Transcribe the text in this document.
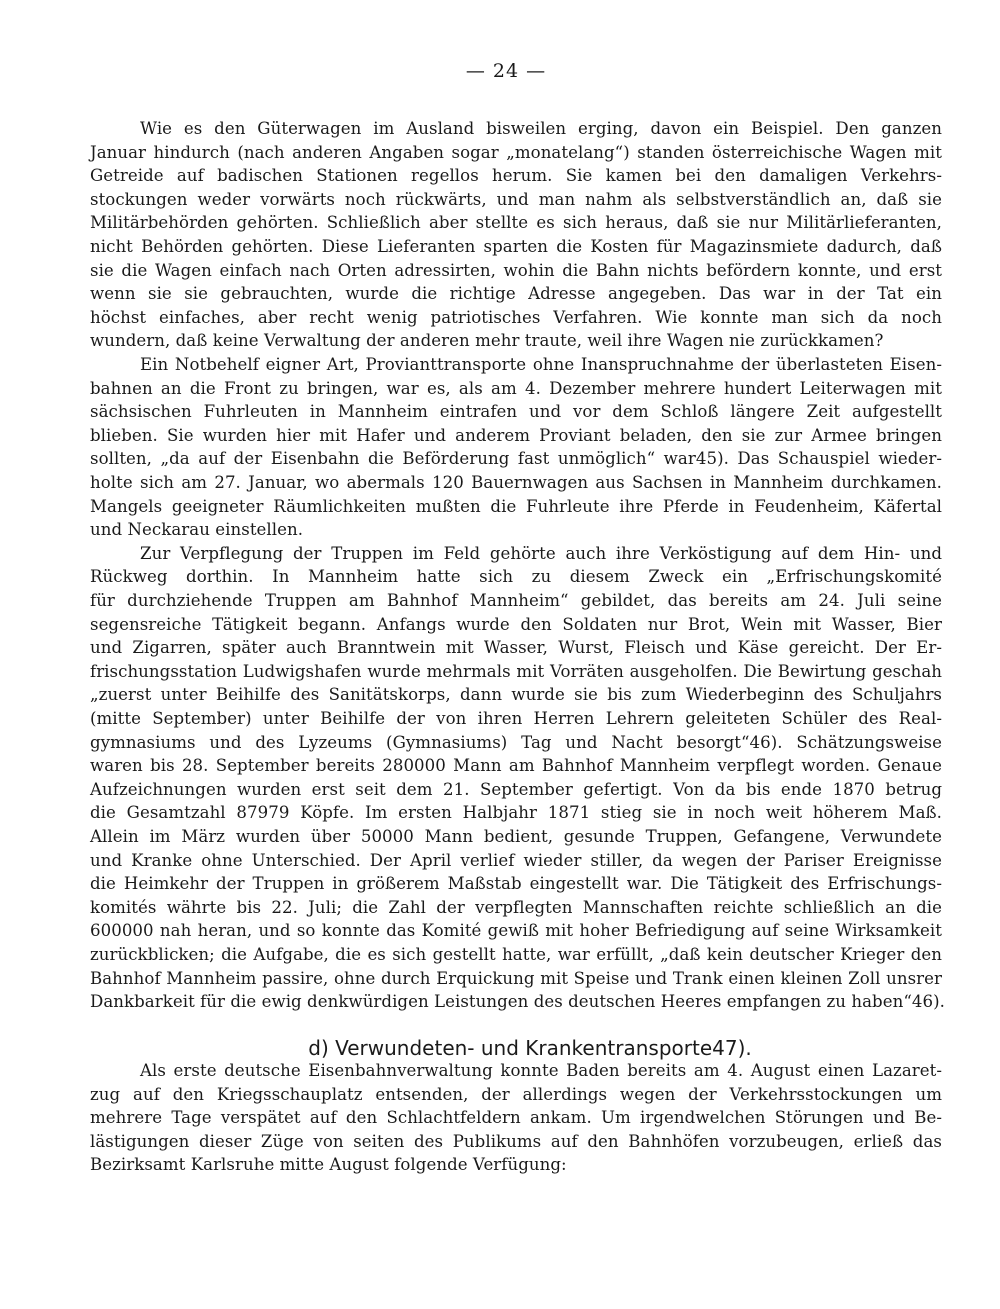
— 24 —
Wie es den Güterwagen im Ausland bisweilen erging, davon ein Beispiel. Den ganzen
Januar hindurch (nach anderen Angaben sogar „monatelang“) standen österreichische Wagen mit
Getreide auf badischen Stationen regellos herum. Sie kamen bei den damaligen Verkehrs-
stockungen weder vorwärts noch rückwärts, und man nahm als selbstverständlich an, daß sie
Militärbehörden gehörten. Schließlich aber stellte es sich heraus, daß sie nur Militärlieferanten,
nicht Behörden gehörten. Diese Lieferanten sparten die Kosten für Magazinsmiete dadurch, daß
sie die Wagen einfach nach Orten adressirten, wohin die Bahn nichts befördern konnte, und erst
wenn sie sie gebrauchten, wurde die richtige Adresse angegeben. Das war in der Tat ein
höchst einfaches, aber recht wenig patriotisches Verfahren. Wie konnte man sich da noch
wundern, daß keine Verwaltung der anderen mehr traute, weil ihre Wagen nie zurückkamen?
Ein Notbehelf eigner Art, Provianttransporte ohne Inanspruchnahme der überlasteten Eisen-
bahnen an die Front zu bringen, war es, als am 4. Dezember mehrere hundert Leiterwagen mit
sächsischen Fuhrleuten in Mannheim eintrafen und vor dem Schloß längere Zeit aufgestellt
blieben. Sie wurden hier mit Hafer und anderem Proviant beladen, den sie zur Armee bringen
sollten, „da auf der Eisenbahn die Beförderung fast unmöglich“ war45). Das Schauspiel wieder-
holte sich am 27. Januar, wo abermals 120 Bauernwagen aus Sachsen in Mannheim durchkamen.
Mangels geeigneter Räumlichkeiten mußten die Fuhrleute ihre Pferde in Feudenheim, Käfertal
und Neckarau einstellen.
Zur Verpflegung der Truppen im Feld gehörte auch ihre Verköstigung auf dem Hin- und
Rückweg dorthin. In Mannheim hatte sich zu diesem Zweck ein „Erfrischungskomité
für durchziehende Truppen am Bahnhof Mannheim“ gebildet, das bereits am 24. Juli seine
segensreiche Tätigkeit begann. Anfangs wurde den Soldaten nur Brot, Wein mit Wasser, Bier
und Zigarren, später auch Branntwein mit Wasser, Wurst, Fleisch und Käse gereicht. Der Er-
frischungsstation Ludwigshafen wurde mehrmals mit Vorräten ausgeholfen. Die Bewirtung geschah
„zuerst unter Beihilfe des Sanitätskorps, dann wurde sie bis zum Wiederbeginn des Schuljahrs
(mitte September) unter Beihilfe der von ihren Herren Lehrern geleiteten Schüler des Real-
gymnasiums und des Lyzeums (Gymnasiums) Tag und Nacht besorgt“46). Schätzungsweise
waren bis 28. September bereits 280000 Mann am Bahnhof Mannheim verpflegt worden. Genaue
Aufzeichnungen wurden erst seit dem 21. September gefertigt. Von da bis ende 1870 betrug
die Gesamtzahl 87979 Köpfe. Im ersten Halbjahr 1871 stieg sie in noch weit höherem Maß.
Allein im März wurden über 50000 Mann bedient, gesunde Truppen, Gefangene, Verwundete
und Kranke ohne Unterschied. Der April verlief wieder stiller, da wegen der Pariser Ereignisse
die Heimkehr der Truppen in größerem Maßstab eingestellt war. Die Tätigkeit des Erfrischungs-
komités währte bis 22. Juli; die Zahl der verpflegten Mannschaften reichte schließlich an die
600000 nah heran, und so konnte das Komité gewiß mit hoher Befriedigung auf seine Wirksamkeit
zurückblicken; die Aufgabe, die es sich gestellt hatte, war erfüllt, „daß kein deutscher Krieger den
Bahnhof Mannheim passire, ohne durch Erquickung mit Speise und Trank einen kleinen Zoll unsrer
Dankbarkeit für die ewig denkwürdigen Leistungen des deutschen Heeres empfangen zu haben“46).
Als erste deutsche Eisenbahnverwaltung konnte Baden bereits am 4. August einen Lazaret-
zug auf den Kriegsschauplatz entsenden, der allerdings wegen der Verkehrsstockungen um
mehrere Tage verspätet auf den Schlachtfeldern ankam. Um irgendwelchen Störungen und Be-
lästigungen dieser Züge von seiten des Publikums auf den Bahnhöfen vorzubeugen, erließ das
Bezirksamt Karlsruhe mitte August folgende Verfügung:
d) Verwundeten- und Krankentransporte47).
